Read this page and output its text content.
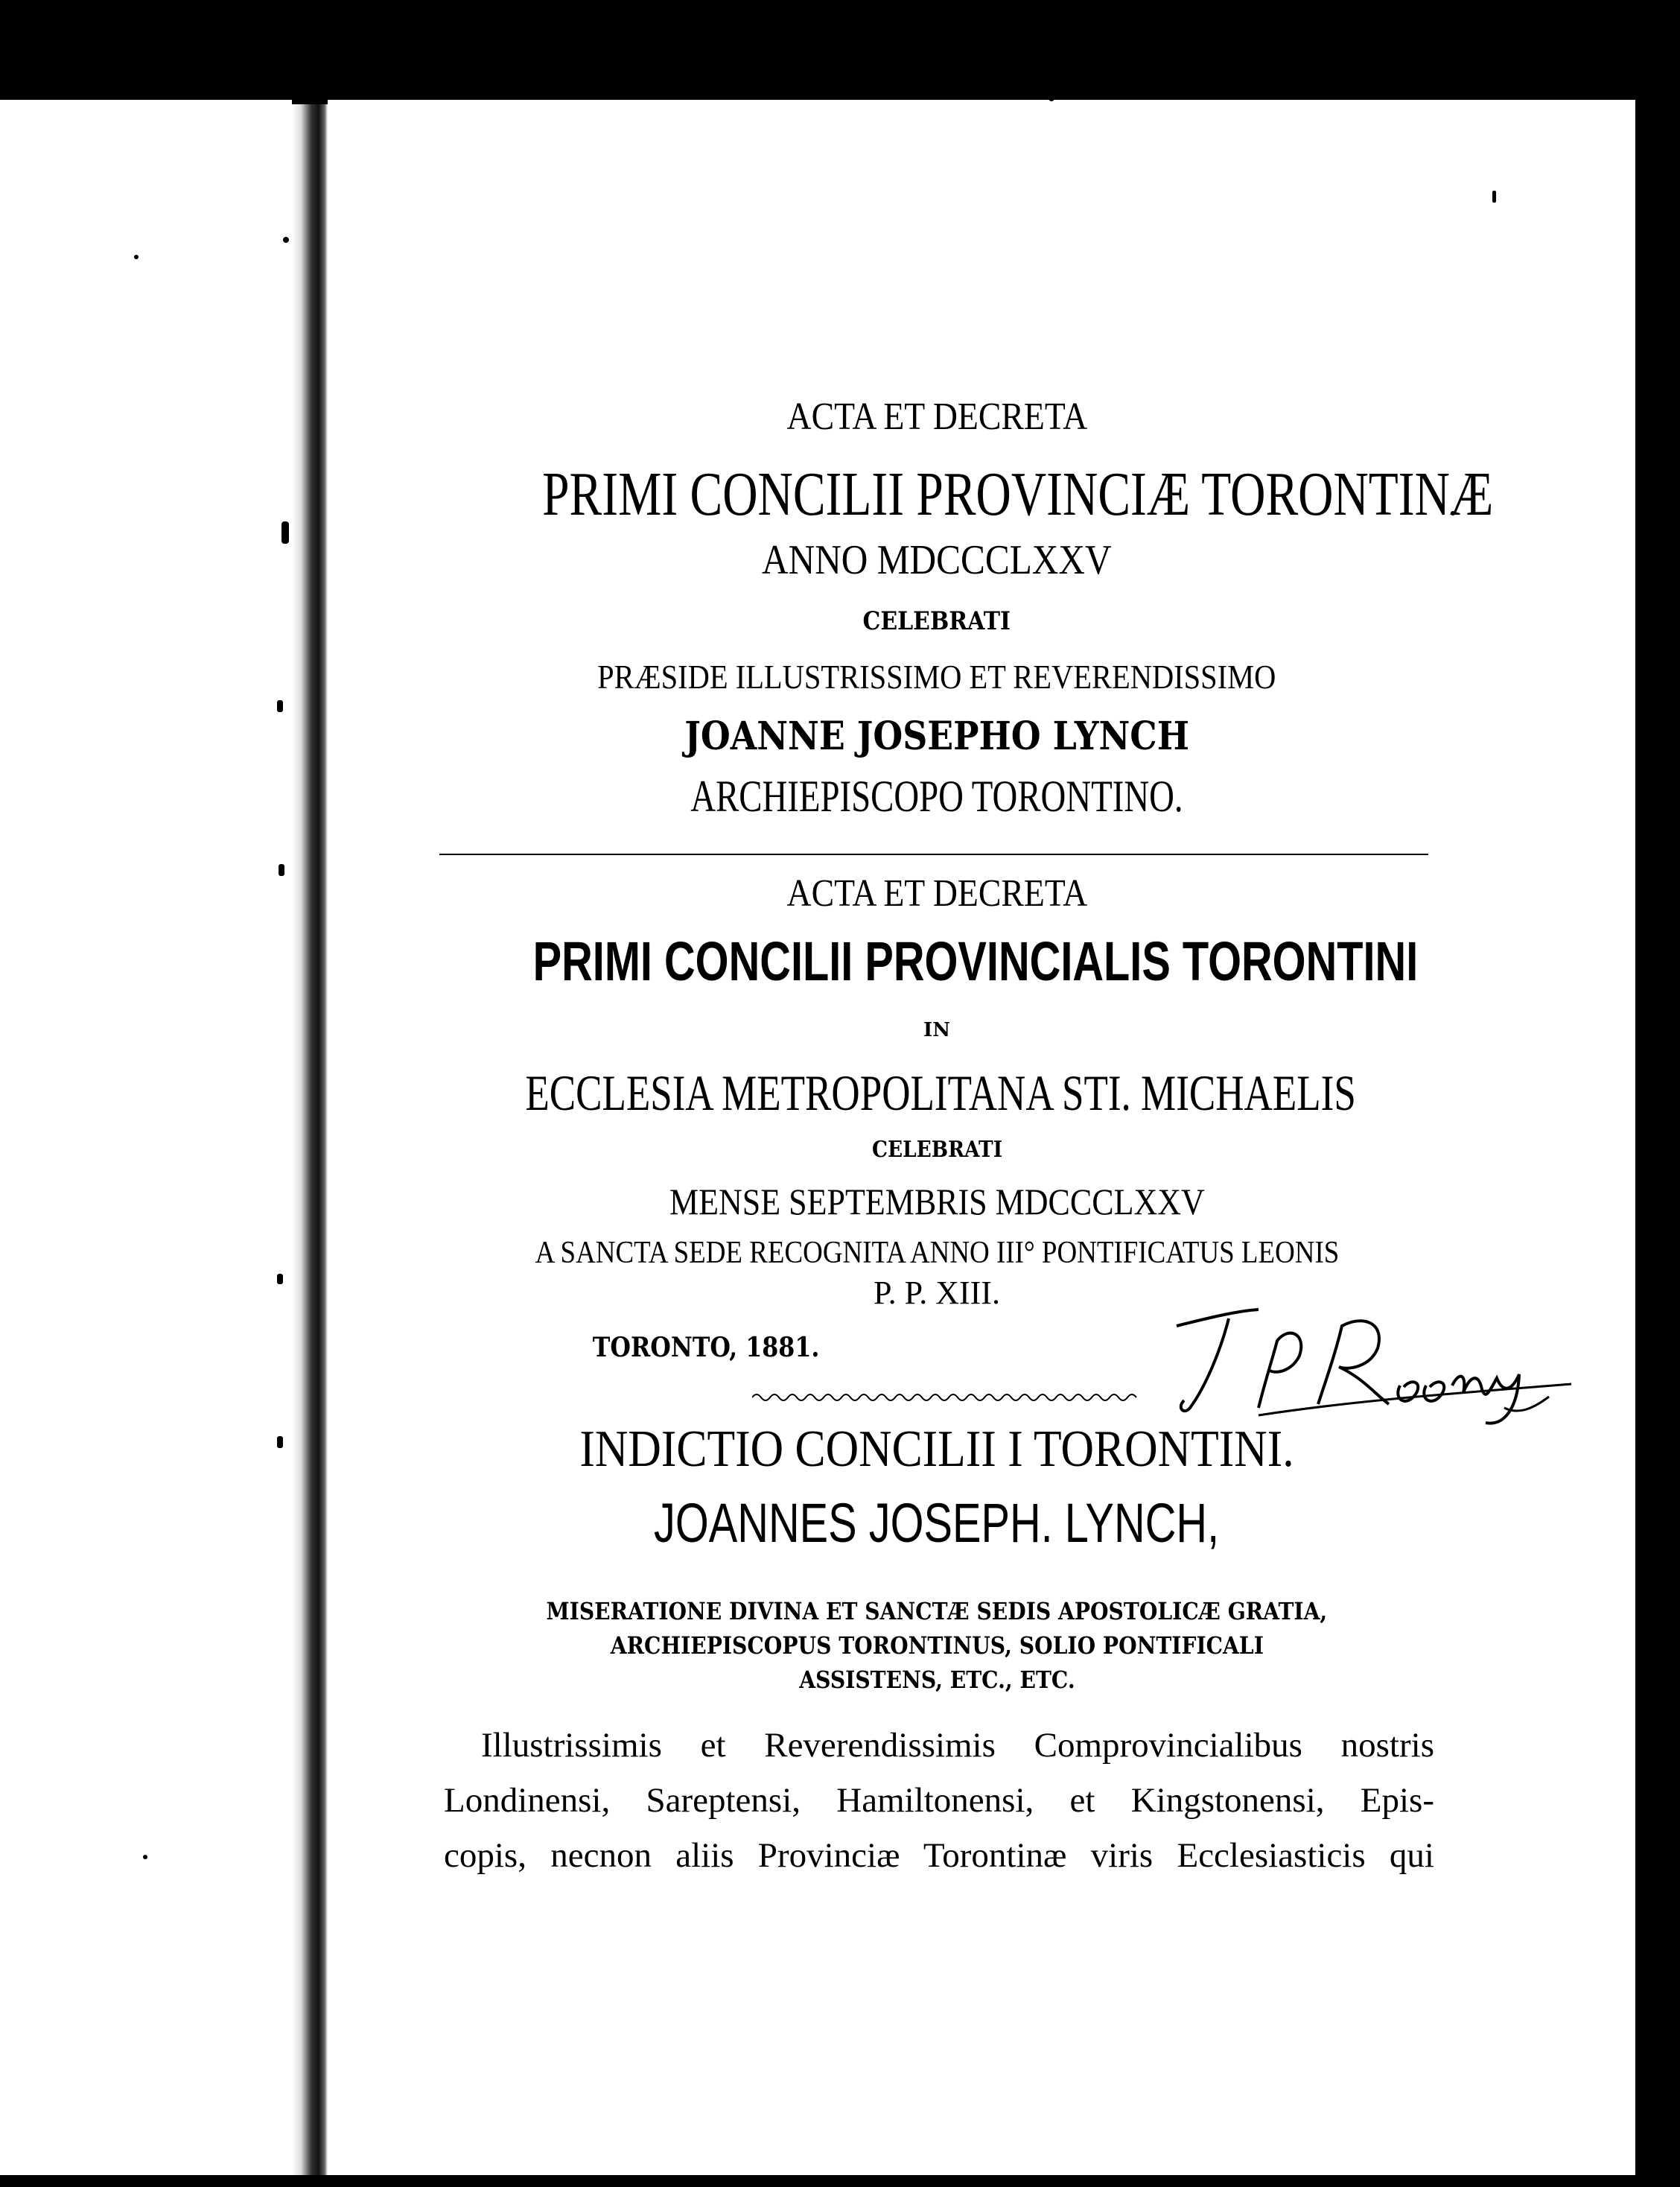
ACTA ET DECRETA
PRIMI CONCILII PROVINCIÆ TORONTINÆ
ANNO MDCCCLXXV
CELEBRATI
PRÆSIDE ILLUSTRISSIMO ET REVERENDISSIMO
JOANNE JOSEPHO LYNCH
ARCHIEPISCOPO TORONTINO.
ACTA ET DECRETA
PRIMI CONCILII PROVINCIALIS TORONTINI
IN
ECCLESIA METROPOLITANA STI. MICHAELIS
CELEBRATI
MENSE SEPTEMBRIS MDCCCLXXV
A SANCTA SEDE RECOGNITA ANNO III° PONTIFICATUS LEONIS
P. P. XIII.
TORONTO, 1881.
INDICTIO CONCILII I TORONTINI.
JOANNES JOSEPH. LYNCH,
MISERATIONE DIVINA ET SANCTÆ SEDIS APOSTOLICÆ GRATIA,
ARCHIEPISCOPUS TORONTINUS, SOLIO PONTIFICALI
ASSISTENS, ETC., ETC.
Illustrissimis et Reverendissimis Comprovincialibus nostris
Londinensi, Sareptensi, Hamiltonensi, et Kingstonensi, Epis-
copis, necnon aliis Provinciæ Torontinæ viris Ecclesiasticis qui
